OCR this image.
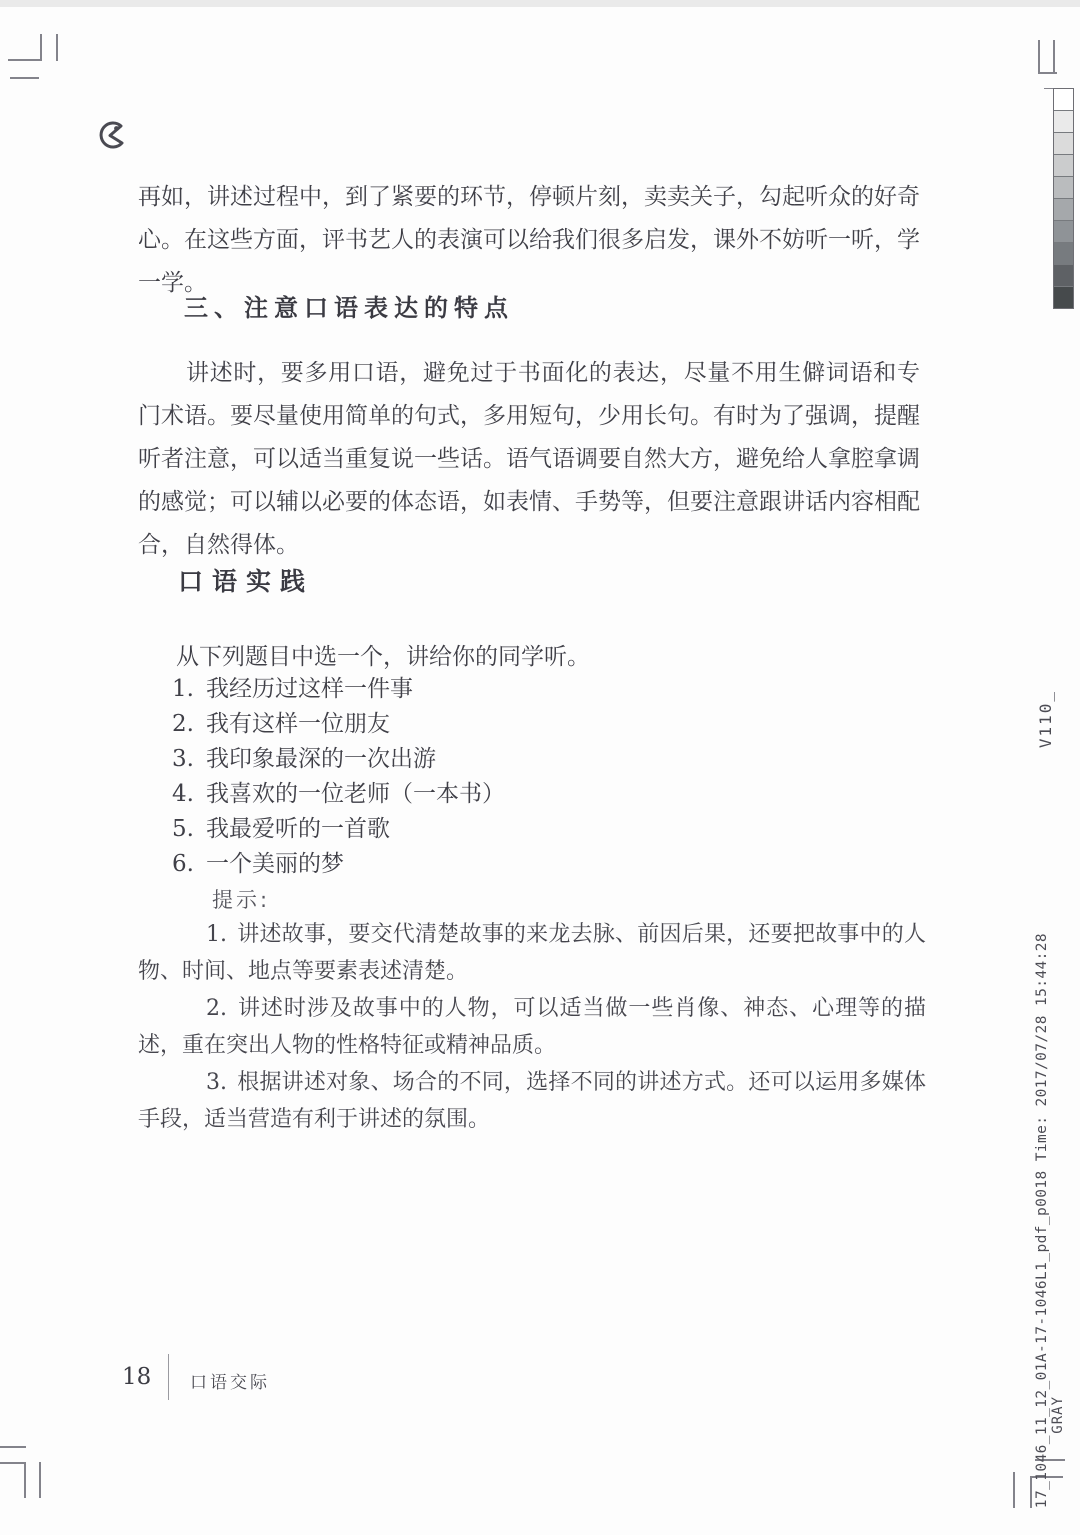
再如，讲述过程中，到了紧要的环节，停顿片刻，卖卖关子，勾起听众的好奇心。在这些方面，评书艺人的表演可以给我们很多启发，课外不妨听一听，学一学。
三、注意口语表达的特点
讲述时，要多用口语，避免过于书面化的表达，尽量不用生僻词语和专门术语。要尽量使用简单的句式，多用短句，少用长句。有时为了强调，提醒听者注意，可以适当重复说一些话。语气语调要自然大方，避免给人拿腔拿调的感觉；可以辅以必要的体态语，如表情、手势等，但要注意跟讲话内容相配合，自然得体。
口语实践
从下列题目中选一个，讲给你的同学听。
1. 我经历过这样一件事
2. 我有这样一位朋友
3. 我印象最深的一次出游
4. 我喜欢的一位老师（一本书）
5. 我最爱听的一首歌
6. 一个美丽的梦
提示:

1. 讲述故事，要交代清楚故事的来龙去脉、前因后果，还要把故事中的人物、时间、地点等要素表述清楚。

2. 讲述时涉及故事中的人物，可以适当做一些肖像、神态、心理等的描述，重在突出人物的性格特征或精神品质。

3. 根据讲述对象、场合的不同，选择不同的讲述方式。还可以运用多媒体手段，适当营造有利于讲述的氛围。

18 口语交际
V110_
17_1046_11_12_01A-17-1046L1_pdf_p0018 Time: 2017/07/28 15:44:28 GRAY
